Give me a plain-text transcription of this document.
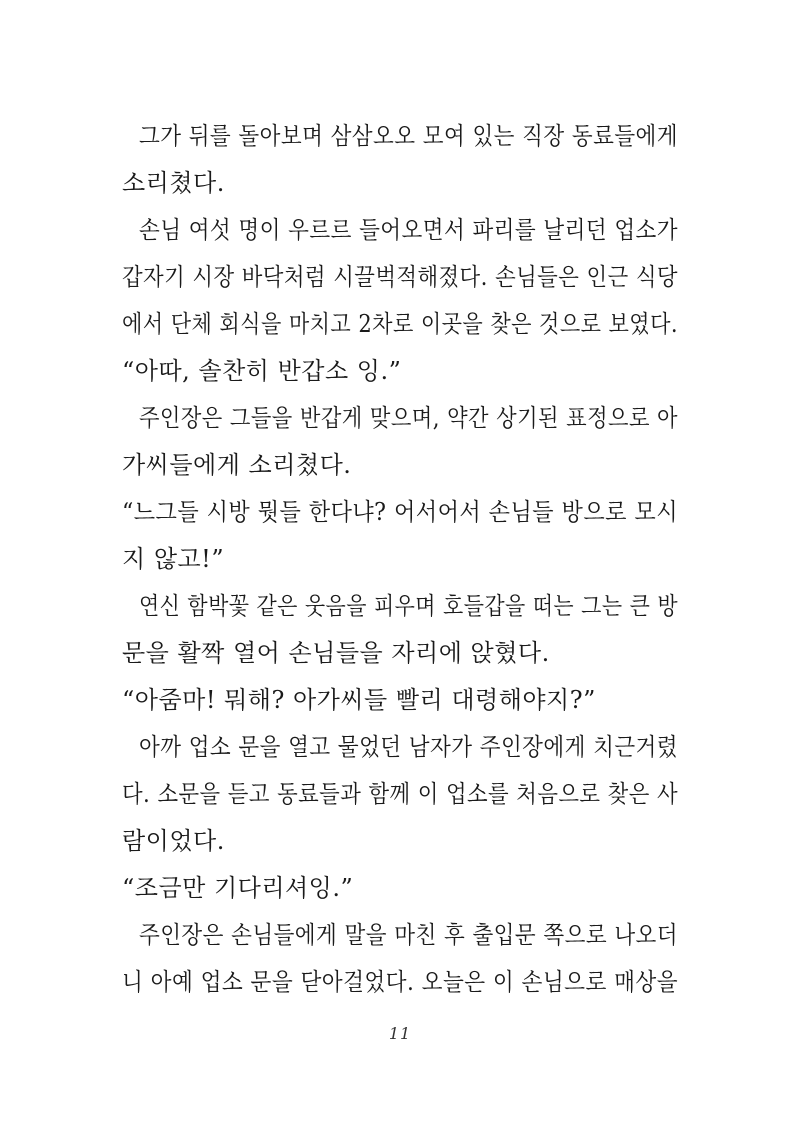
그가 뒤를 돌아보며 삼삼오오 모여 있는 직장 동료들에게
소리쳤다.
손님 여섯 명이 우르르 들어오면서 파리를 날리던 업소가
갑자기 시장 바닥처럼 시끌벅적해졌다. 손님들은 인근 식당
에서 단체 회식을 마치고 2차로 이곳을 찾은 것으로 보였다.
“아따, 솔찬히 반갑소 잉.”
주인장은 그들을 반갑게 맞으며, 약간 상기된 표정으로 아
가씨들에게 소리쳤다.
“느그들 시방 뭣들 한다냐? 어서어서 손님들 방으로 모시
지 않고!”
연신 함박꽃 같은 웃음을 피우며 호들갑을 떠는 그는 큰 방
문을 활짝 열어 손님들을 자리에 앉혔다.
“아줌마! 뭐해? 아가씨들 빨리 대령해야지?”
아까 업소 문을 열고 물었던 남자가 주인장에게 치근거렸
다. 소문을 듣고 동료들과 함께 이 업소를 처음으로 찾은 사
람이었다.
“조금만 기다리셔잉.”
주인장은 손님들에게 말을 마친 후 출입문 쪽으로 나오더
니 아예 업소 문을 닫아걸었다. 오늘은 이 손님으로 매상을
11
